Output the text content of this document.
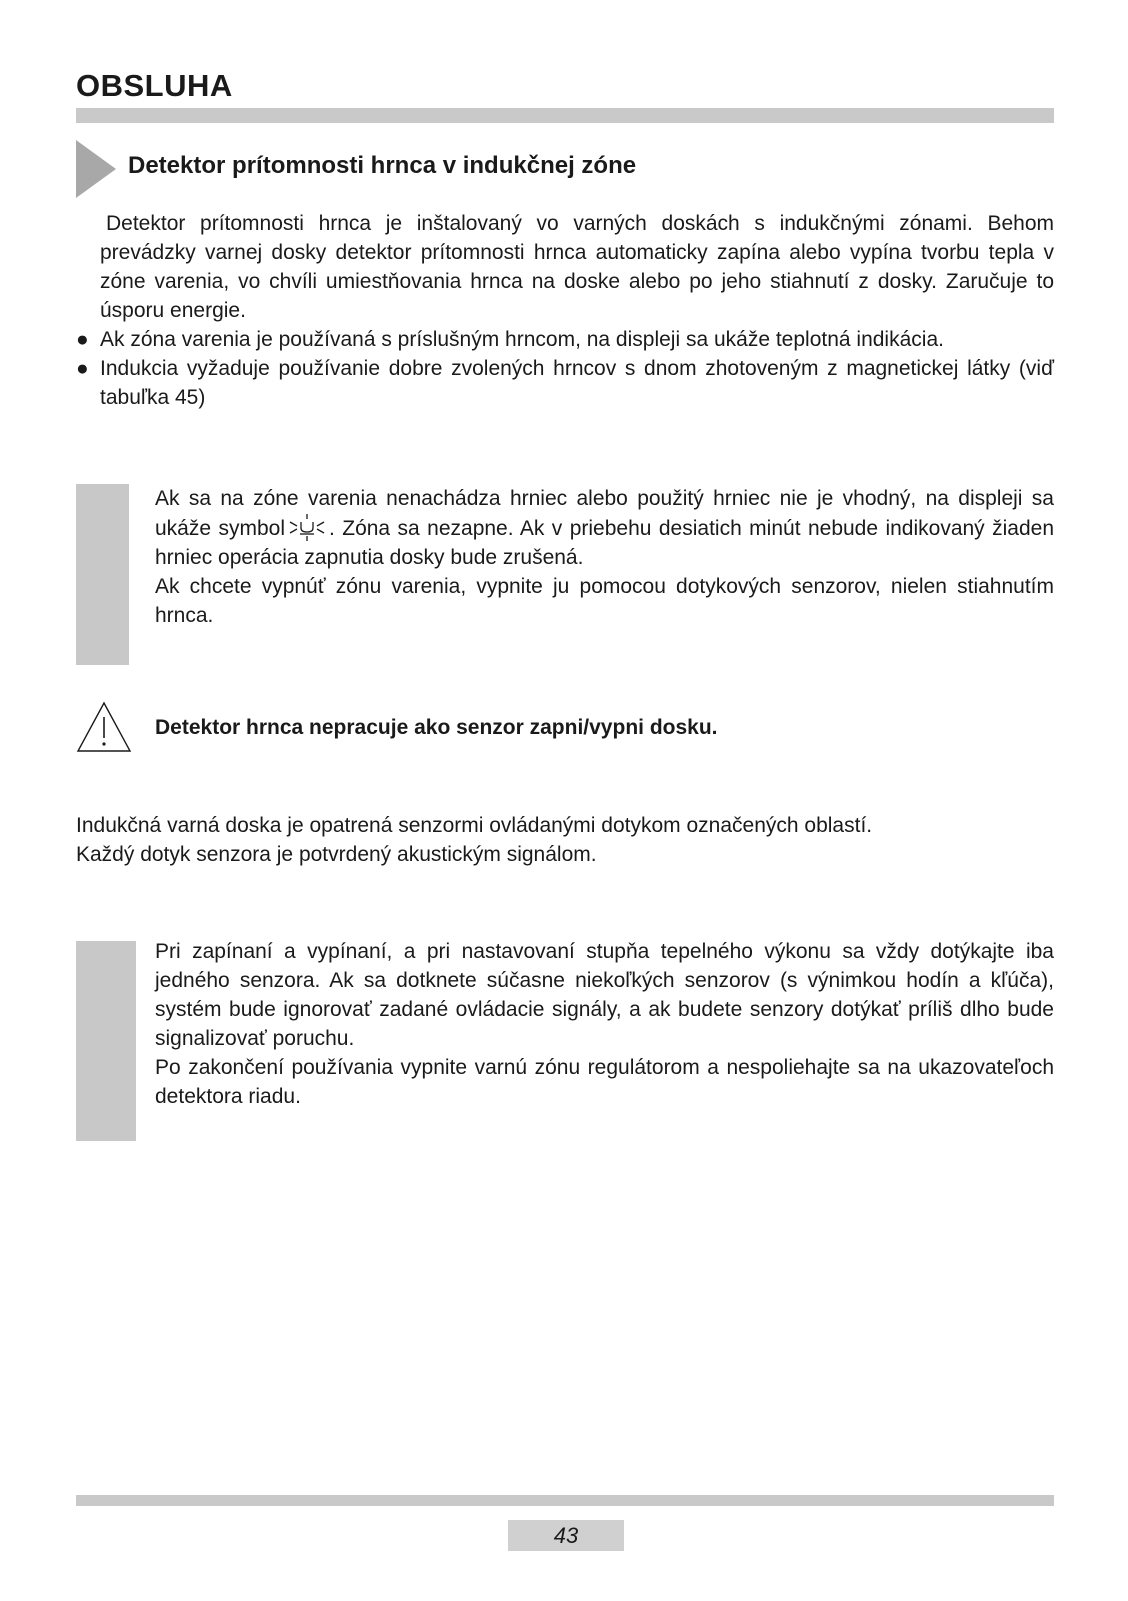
OBSLUHA
Detektor prítomnosti hrnca v indukčnej zóne

Detektor prítomnosti hrnca je inštalovaný vo varných doskách s indukčnými zónami. Behom prevádzky varnej dosky detektor prítomnosti hrnca automaticky zapína alebo vypína tvorbu tepla v zóne varenia, vo chvíli umiestňovania hrnca na doske alebo po jeho stiahnutí z dosky. Zaručuje to úsporu energie.

● Ak zóna varenia je používaná s príslušným hrncom, na displeji sa ukáže teplotná indikácia.
● Indukcia vyžaduje používanie dobre zvolených hrncov s dnom zhotoveným z magnetickej látky (viď tabuľka 45)

Ak sa na zóne varenia nenachádza hrniec alebo použitý hrniec nie je vhodný, na displeji sa ukáže symbol . Zóna sa nezapne. Ak v priebehu desiatich minút nebude indikovaný žiaden hrniec operácia zapnutia dosky bude zrušená.

Ak chcete vypnúť zónu varenia, vypnite ju pomocou dotykových senzorov, nielen stiahnutím hrnca.

Detektor hrnca nepracuje ako senzor zapni/vypni dosku.
Indukčná varná doska je opatrená senzormi ovládanými dotykom označených oblastí.
Každý dotyk senzora je potvrdený akustickým signálom.

Pri zapínaní a vypínaní, a pri nastavovaní stupňa tepelného výkonu sa vždy dotýkajte iba jedného senzora. Ak sa dotknete súčasne niekoľkých senzorov (s výnimkou hodín a kľúča), systém bude ignorovať zadané ovládacie signály, a ak budete senzory dotýkať príliš dlho bude signalizovať poruchu.

Po zakončení používania vypnite varnú zónu regulátorom a nespoliehajte sa na ukazovateľoch detektora riadu.

43
